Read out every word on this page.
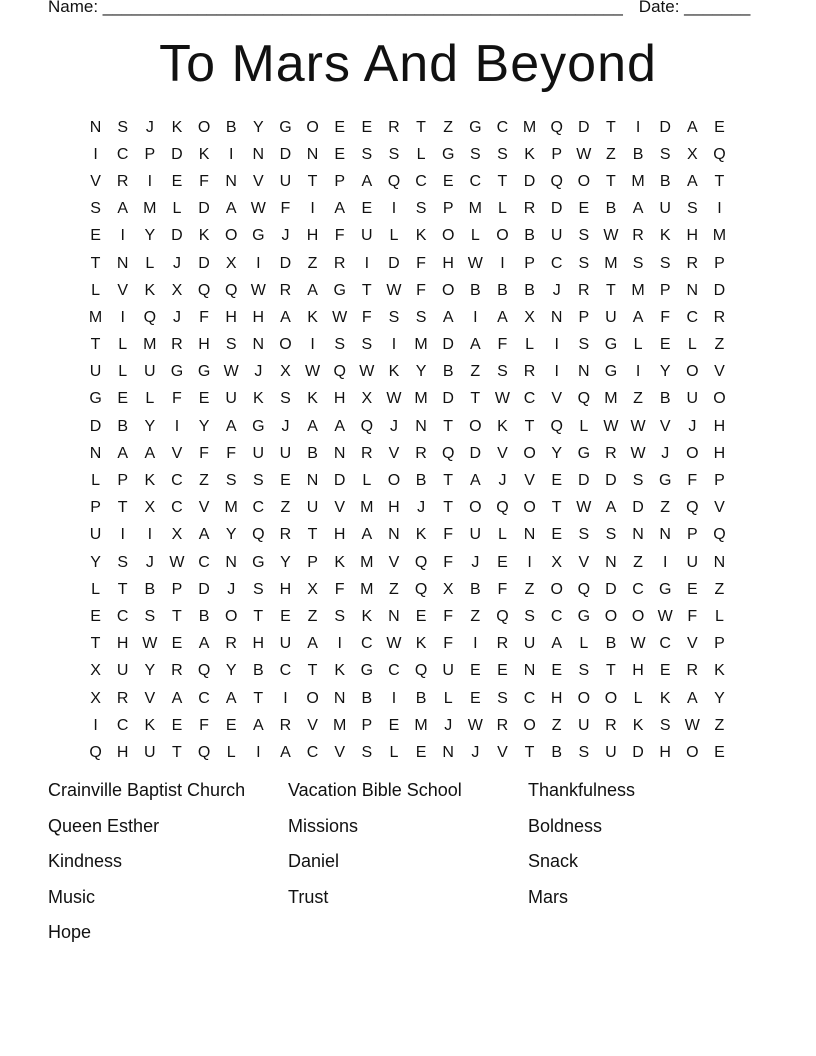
Name: _______________________________________________________ Date: _______
To Mars And Beyond
N	S	J	K O B	Y G O E	E	R	T	Z	G C M Q D	T	I	D	A	E
I	C	P	D	K	I	N D N	E	S	S	L	G S	S	K	P W Z	B	S	X Q
V	R	I	E	F	N	V	U	T	P	A Q C	E	C	T	D Q O	T M B	A	T
S	A M	L	D	A W F	I	A	E	I	S	P M	L	R D	E	B	A	U	S	I
E	I	Y	D	K O G	J	H	F	U	L	K O	L	O B	U	S W R	K	H M
T	N	L	J	D	X	I	D	Z	R	I	D	F	H W	I	P	C	S M S	S	R	P
L	V	K	X Q Q W R	A G	T W F	O B	B	B	J	R	T M P	N D
M	I	Q	J	F	H H	A	K W F	S	S	A	I	A	X	N	P	U	A	F	C R
T	L	M R H	S	N O	I	S	S	I	M D	A	F	L	I	S G	L	E	L	Z
U	L	U G G W J	X W Q W K	Y	B	Z	S	R	I	N G	I	Y O V
G E	L	F	E	U	K	S	K	H	X W M D	T W C	V Q M Z	B	U O
D	B	Y	I	Y	A G	J	A	A Q	J	N	T	O K	T	Q	L W W V	J	H
N	A	A	V	F	F	U U	B	N R	V	R Q D	V O Y G R W J	O H
L	P	K	C	Z	S	S	E	N D	L	O B	T	A	J	V	E	D D	S G	F	P
P	T	X	C	V M C	Z	U	V M H	J	T	O Q O	T W A	D	Z	Q V
U	I	I	X	A	Y Q R	T	H	A	N	K	F	U	L	N	E	S	S	N N	P Q
Y	S	J W C N G Y	P	K M V Q	F	J	E	I	X	V	N	Z	I	U N
L	T	B	P	D	J	S	H	X	F M Z	Q X	B	F	Z	O Q D C G E	Z
E	C	S	T	B O	T	E	Z	S	K	N	E	F	Z	Q S	C G O O W F	L
T	H W E	A	R H U	A	I	C W K	F	I	R U	A	L	B W C	V	P
X	U	Y	R Q Y	B	C	T	K G C Q U	E	E	N	E	S	T	H	E	R	K
X	R	V	A	C	A	T	I	O N	B	I	B	L	E	S	C H O O	L	K	A	Y
I	C	K	E	F	E	A	R	V M P	E M	J W R O	Z	U R	K	S W Z
Q H U	T	Q	L	I	A	C	V	S	L	E	N	J	V	T	B	S	U D H O E
Crainville Baptist Church	Vacation Bible School	Thankfulness
Queen Esther	Missions	Boldness
Kindness	Daniel	Snack
Music	Trust	Mars
Hope
